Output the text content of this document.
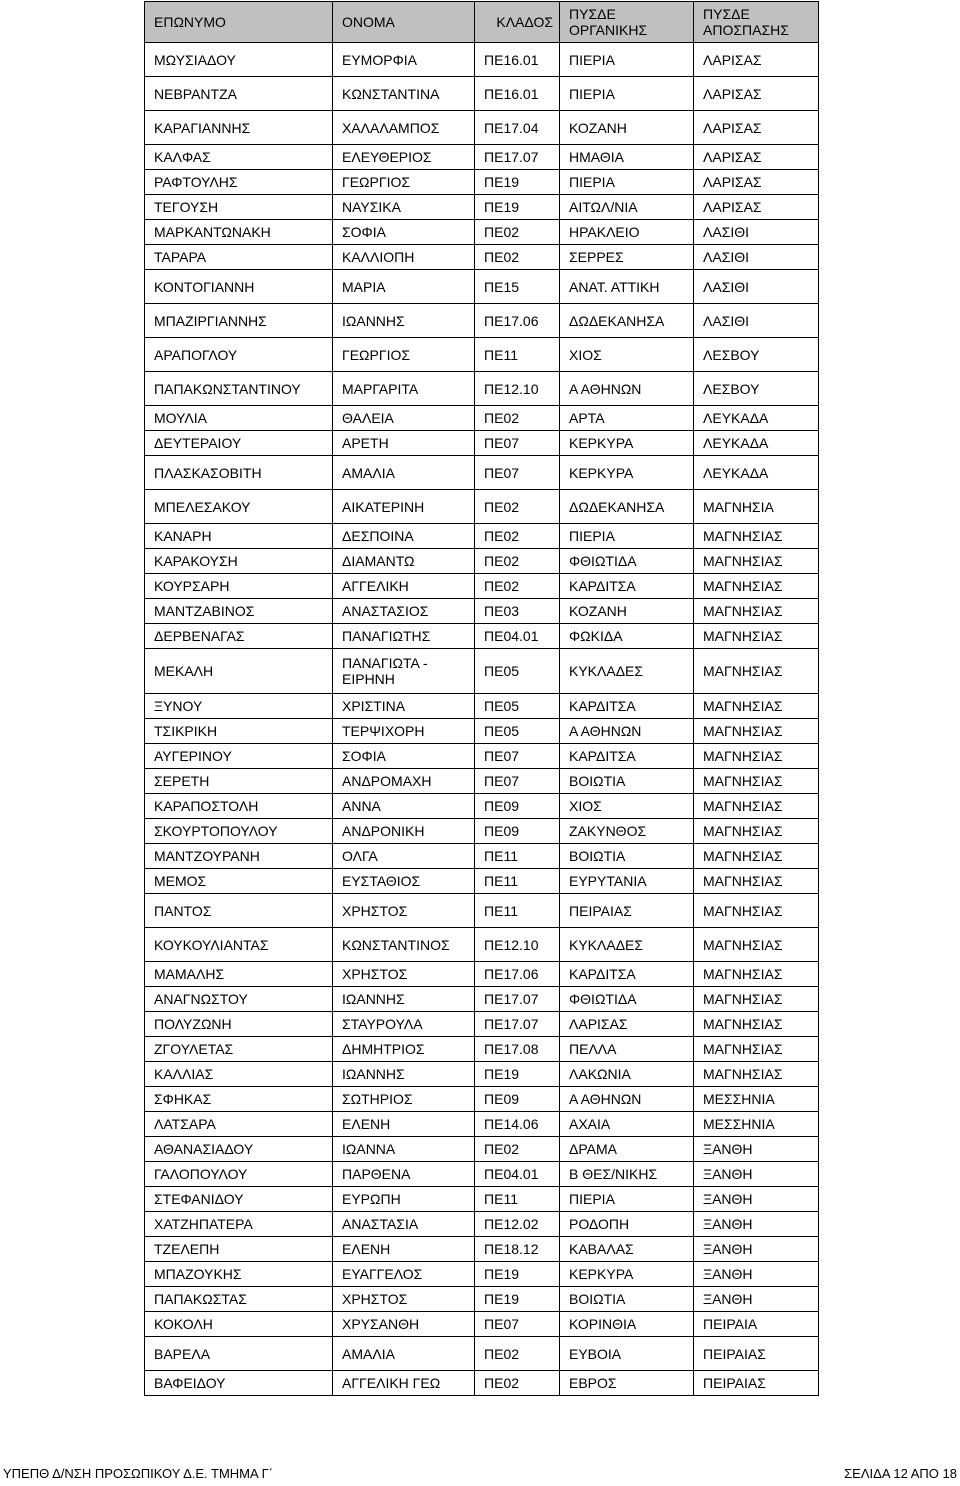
ΕΠΩΝΥΜΟ	ΟΝΟΜΑ	ΚΛΑΔΟΣ	ΠΥΣΔΕ ΟΡΓΑΝΙΚΗΣ	ΠΥΣΔΕ ΑΠΟΣΠΑΣΗΣ
ΜΩΥΣΙΑΔΟΥ	ΕΥΜΟΡΦΙΑ	ΠΕ16.01	ΠΙΕΡΙΑ	ΛΑΡΙΣΑΣ
ΝΕΒΡΑΝΤΖΑ	ΚΩΝΣΤΑΝΤΙΝΑ	ΠΕ16.01	ΠΙΕΡΙΑ	ΛΑΡΙΣΑΣ
ΚΑΡΑΓΙΑΝΝΗΣ	ΧΑΛΑΛΑΜΠΟΣ	ΠΕ17.04	ΚΟΖΑΝΗ	ΛΑΡΙΣΑΣ
ΚΑΛΦΑΣ	ΕΛΕΥΘΕΡΙΟΣ	ΠΕ17.07	ΗΜΑΘΙΑ	ΛΑΡΙΣΑΣ
ΡΑΦΤΟΥΛΗΣ	ΓΕΩΡΓΙΟΣ	ΠΕ19	ΠΙΕΡΙΑ	ΛΑΡΙΣΑΣ
ΤΕΓΟΥΣΗ	ΝΑΥΣΙΚΑ	ΠΕ19	ΑΙΤΩΛ/ΝΙΑ	ΛΑΡΙΣΑΣ
ΜΑΡΚΑΝΤΩΝΑΚΗ	ΣΟΦΙΑ	ΠΕ02	ΗΡΑΚΛΕΙΟ	ΛΑΣΙΘΙ
ΤΑΡΑΡΑ	ΚΑΛΛΙΟΠΗ	ΠΕ02	ΣΕΡΡΕΣ	ΛΑΣΙΘΙ
ΚΟΝΤΟΓΙΑΝΝΗ	ΜΑΡΙΑ	ΠΕ15	ΑΝΑΤ. ΑΤΤΙΚΗ	ΛΑΣΙΘΙ
ΜΠΑΖΙΡΓΙΑΝΝΗΣ	ΙΩΑΝΝΗΣ	ΠΕ17.06	ΔΩΔΕΚΑΝΗΣΑ	ΛΑΣΙΘΙ
ΑΡΑΠΟΓΛΟΥ	ΓΕΩΡΓΙΟΣ	ΠΕ11	ΧΙΟΣ	ΛΕΣΒΟΥ
ΠΑΠΑΚΩΝΣΤΑΝΤΙΝΟΥ	ΜΑΡΓΑΡΙΤΑ	ΠΕ12.10	Α ΑΘΗΝΩΝ	ΛΕΣΒΟΥ
ΜΟΥΛΙΑ	ΘΑΛΕΙΑ	ΠΕ02	ΑΡΤΑ	ΛΕΥΚΑΔΑ
ΔΕΥΤΕΡΑΙΟΥ	ΑΡΕΤΗ	ΠΕ07	ΚΕΡΚΥΡΑ	ΛΕΥΚΑΔΑ
ΠΛΑΣΚΑΣΟΒΙΤΗ	ΑΜΑΛΙΑ	ΠΕ07	ΚΕΡΚΥΡΑ	ΛΕΥΚΑΔΑ
ΜΠΕΛΕΣΑΚΟΥ	ΑΙΚΑΤΕΡΙΝΗ	ΠΕ02	ΔΩΔΕΚΑΝΗΣΑ	ΜΑΓΝΗΣΙΑ
ΚΑΝΑΡΗ	ΔΕΣΠΟΙΝΑ	ΠΕ02	ΠΙΕΡΙΑ	ΜΑΓΝΗΣΙΑΣ
ΚΑΡΑΚΟΥΣΗ	ΔΙΑΜΑΝΤΩ	ΠΕ02	ΦΘΙΩΤΙΔΑ	ΜΑΓΝΗΣΙΑΣ
ΚΟΥΡΣΑΡΗ	ΑΓΓΕΛΙΚΗ	ΠΕ02	ΚΑΡΔΙΤΣΑ	ΜΑΓΝΗΣΙΑΣ
ΜΑΝΤΖΑΒΙΝΟΣ	ΑΝΑΣΤΑΣΙΟΣ	ΠΕ03	ΚΟΖΑΝΗ	ΜΑΓΝΗΣΙΑΣ
ΔΕΡΒΕΝΑΓΑΣ	ΠΑΝΑΓΙΩΤΗΣ	ΠΕ04.01	ΦΩΚΙΔΑ	ΜΑΓΝΗΣΙΑΣ
ΜΕΚΑΛΗ	ΠΑΝΑΓΙΩΤΑ - ΕΙΡΗΝΗ	ΠΕ05	ΚΥΚΛΑΔΕΣ	ΜΑΓΝΗΣΙΑΣ
ΞΥΝΟΥ	ΧΡΙΣΤΙΝΑ	ΠΕ05	ΚΑΡΔΙΤΣΑ	ΜΑΓΝΗΣΙΑΣ
ΤΣΙΚΡΙΚΗ	ΤΕΡΨΙΧΟΡΗ	ΠΕ05	Α ΑΘΗΝΩΝ	ΜΑΓΝΗΣΙΑΣ
ΑΥΓΕΡΙΝΟΥ	ΣΟΦΙΑ	ΠΕ07	ΚΑΡΔΙΤΣΑ	ΜΑΓΝΗΣΙΑΣ
ΣΕΡΕΤΗ	ΑΝΔΡΟΜΑΧΗ	ΠΕ07	ΒΟΙΩΤΙΑ	ΜΑΓΝΗΣΙΑΣ
ΚΑΡΑΠΟΣΤΟΛΗ	ΑΝΝΑ	ΠΕ09	ΧΙΟΣ	ΜΑΓΝΗΣΙΑΣ
ΣΚΟΥΡΤΟΠΟΥΛΟΥ	ΑΝΔΡΟΝΙΚΗ	ΠΕ09	ΖΑΚΥΝΘΟΣ	ΜΑΓΝΗΣΙΑΣ
ΜΑΝΤΖΟΥΡΑΝΗ	ΟΛΓΑ	ΠΕ11	ΒΟΙΩΤΙΑ	ΜΑΓΝΗΣΙΑΣ
ΜΕΜΟΣ	ΕΥΣΤΑΘΙΟΣ	ΠΕ11	ΕΥΡΥΤΑΝΙΑ	ΜΑΓΝΗΣΙΑΣ
ΠΑΝΤΟΣ	ΧΡΗΣΤΟΣ	ΠΕ11	ΠΕΙΡΑΙΑΣ	ΜΑΓΝΗΣΙΑΣ
ΚΟΥΚΟΥΛΙΑΝΤΑΣ	ΚΩΝΣΤΑΝΤΙΝΟΣ	ΠΕ12.10	ΚΥΚΛΑΔΕΣ	ΜΑΓΝΗΣΙΑΣ
ΜΑΜΑΛΗΣ	ΧΡΗΣΤΟΣ	ΠΕ17.06	ΚΑΡΔΙΤΣΑ	ΜΑΓΝΗΣΙΑΣ
ΑΝΑΓΝΩΣΤΟΥ	ΙΩΑΝΝΗΣ	ΠΕ17.07	ΦΘΙΩΤΙΔΑ	ΜΑΓΝΗΣΙΑΣ
ΠΟΛΥΖΩΝΗ	ΣΤΑΥΡΟΥΛΑ	ΠΕ17.07	ΛΑΡΙΣΑΣ	ΜΑΓΝΗΣΙΑΣ
ΖΓΟΥΛΕΤΑΣ	ΔΗΜΗΤΡΙΟΣ	ΠΕ17.08	ΠΕΛΛΑ	ΜΑΓΝΗΣΙΑΣ
ΚΑΛΛΙΑΣ	ΙΩΑΝΝΗΣ	ΠΕ19	ΛΑΚΩΝΙΑ	ΜΑΓΝΗΣΙΑΣ
ΣΦΗΚΑΣ	ΣΩΤΗΡΙΟΣ	ΠΕ09	Α ΑΘΗΝΩΝ	ΜΕΣΣΗΝΙΑ
ΛΑΤΣΑΡΑ	ΕΛΕΝΗ	ΠΕ14.06	ΑΧΑΙΑ	ΜΕΣΣΗΝΙΑ
ΑΘΑΝΑΣΙΑΔΟΥ	ΙΩΑΝΝΑ	ΠΕ02	ΔΡΑΜΑ	ΞΑΝΘΗ
ΓΑΛΟΠΟΥΛΟΥ	ΠΑΡΘΕΝΑ	ΠΕ04.01	Β ΘΕΣ/ΝΙΚΗΣ	ΞΑΝΘΗ
ΣΤΕΦΑΝΙΔΟΥ	ΕΥΡΩΠΗ	ΠΕ11	ΠΙΕΡΙΑ	ΞΑΝΘΗ
ΧΑΤΖΗΠΑΤΕΡΑ	ΑΝΑΣΤΑΣΙΑ	ΠΕ12.02	ΡΟΔΟΠΗ	ΞΑΝΘΗ
ΤΖΕΛΕΠΗ	ΕΛΕΝΗ	ΠΕ18.12	ΚΑΒΑΛΑΣ	ΞΑΝΘΗ
ΜΠΑΖΟΥΚΗΣ	ΕΥΑΓΓΕΛΟΣ	ΠΕ19	ΚΕΡΚΥΡΑ	ΞΑΝΘΗ
ΠΑΠΑΚΩΣΤΑΣ	ΧΡΗΣΤΟΣ	ΠΕ19	ΒΟΙΩΤΙΑ	ΞΑΝΘΗ
ΚΟΚΟΛΗ	ΧΡΥΣΑΝΘΗ	ΠΕ07	ΚΟΡΙΝΘΙΑ	ΠΕΙΡΑΙΑ
ΒΑΡΕΛΑ	ΑΜΑΛΙΑ	ΠΕ02	ΕΥΒΟΙΑ	ΠΕΙΡΑΙΑΣ
ΒΑΦΕΙΔΟΥ	ΑΓΓΕΛΙΚΗ ΓΕΩ	ΠΕ02	ΕΒΡΟΣ	ΠΕΙΡΑΙΑΣ
ΥΠΕΠΘ Δ/ΝΣΗ ΠΡΟΣΩΠΙΚΟΥ Δ.Ε. ΤΜΗΜΑ Γ΄	ΣΕΛΙΔΑ 12 ΑΠΟ 18
